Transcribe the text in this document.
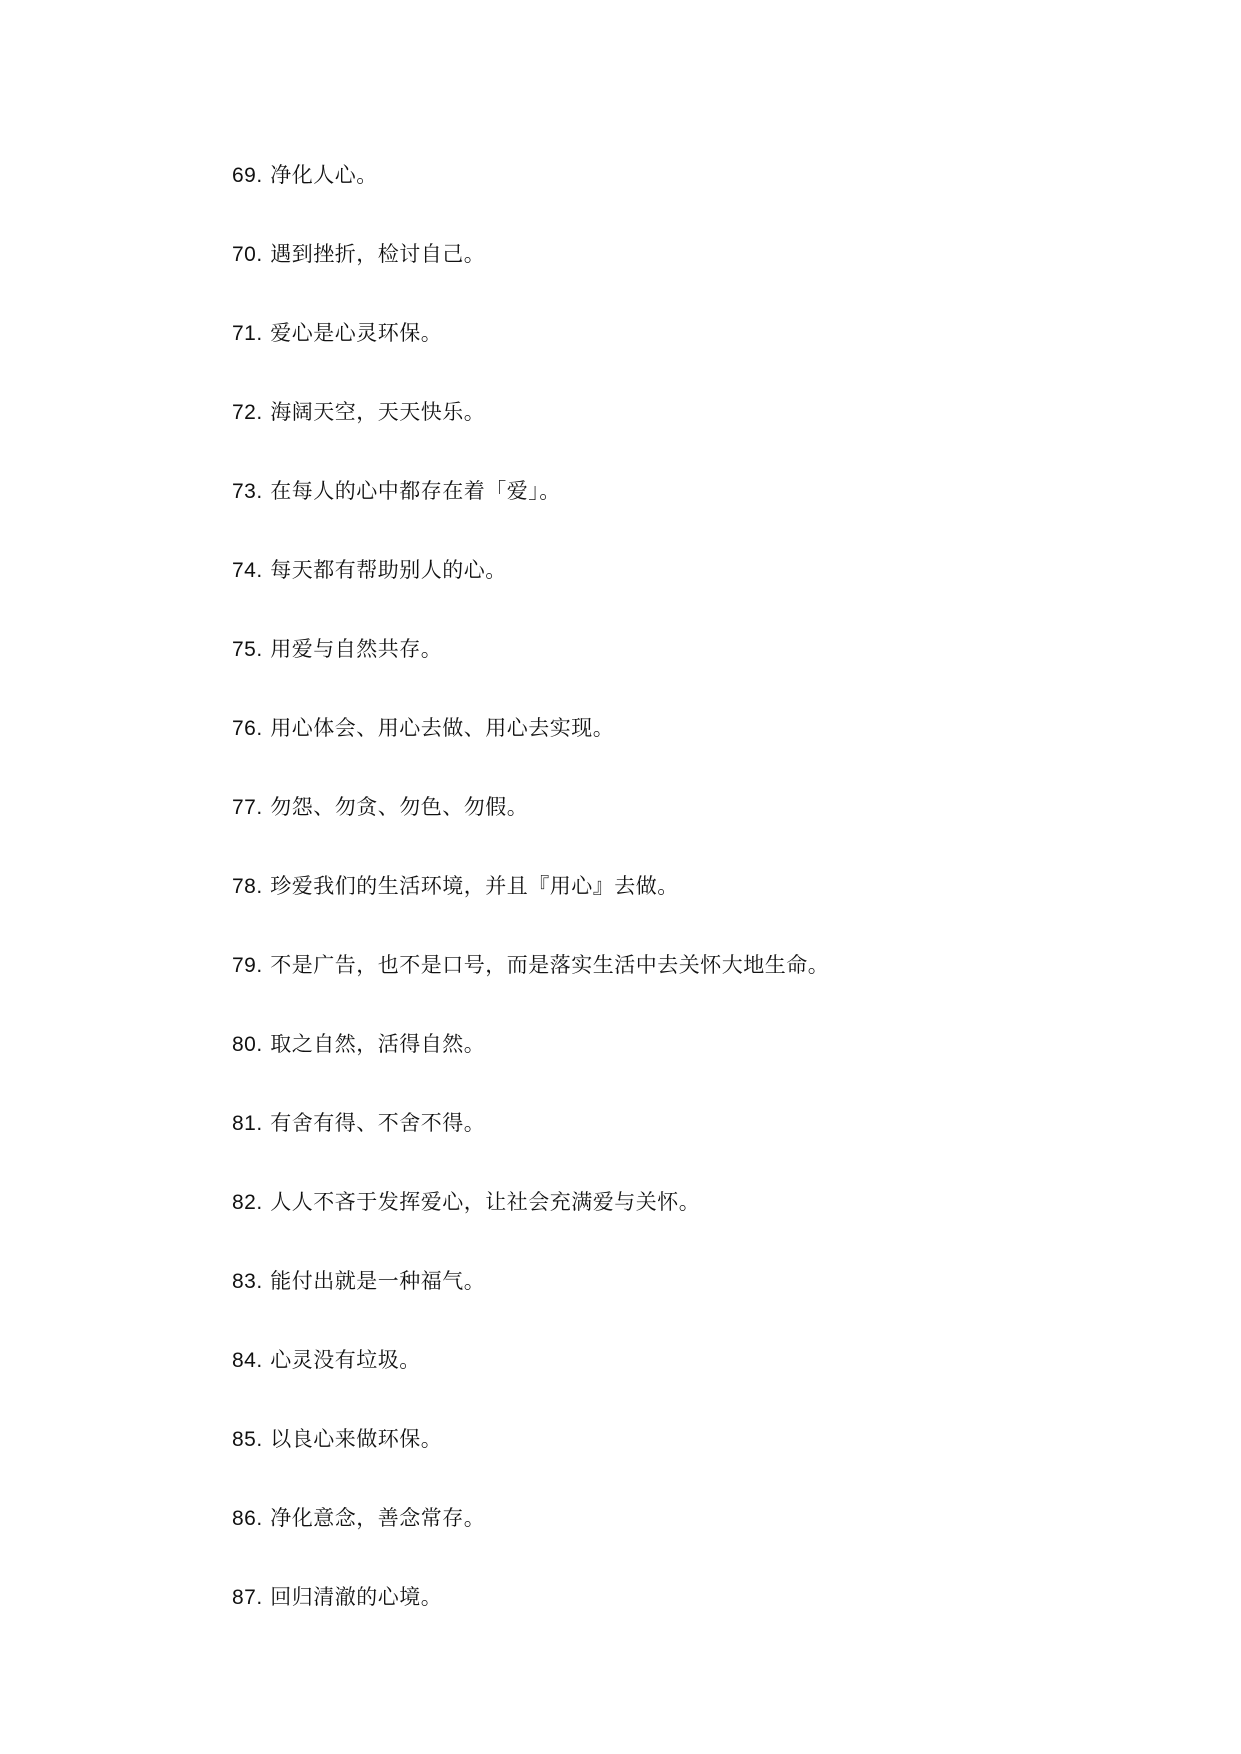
69. 净化人心。
70. 遇到挫折，检讨自己。
71. 爱心是心灵环保。
72. 海阔天空，天天快乐。
73. 在每人的心中都存在着「爱」。
74. 每天都有帮助别人的心。
75. 用爱与自然共存。
76. 用心体会、用心去做、用心去实现。
77. 勿怨、勿贪、勿色、勿假。
78. 珍爱我们的生活环境，并且『用心』去做。
79. 不是广告，也不是口号，而是落实生活中去关怀大地生命。
80. 取之自然，活得自然。
81. 有舍有得、不舍不得。
82. 人人不吝于发挥爱心，让社会充满爱与关怀。
83. 能付出就是一种福气。
84. 心灵没有垃圾。
85. 以良心来做环保。
86. 净化意念，善念常存。
87. 回归清澈的心境。
